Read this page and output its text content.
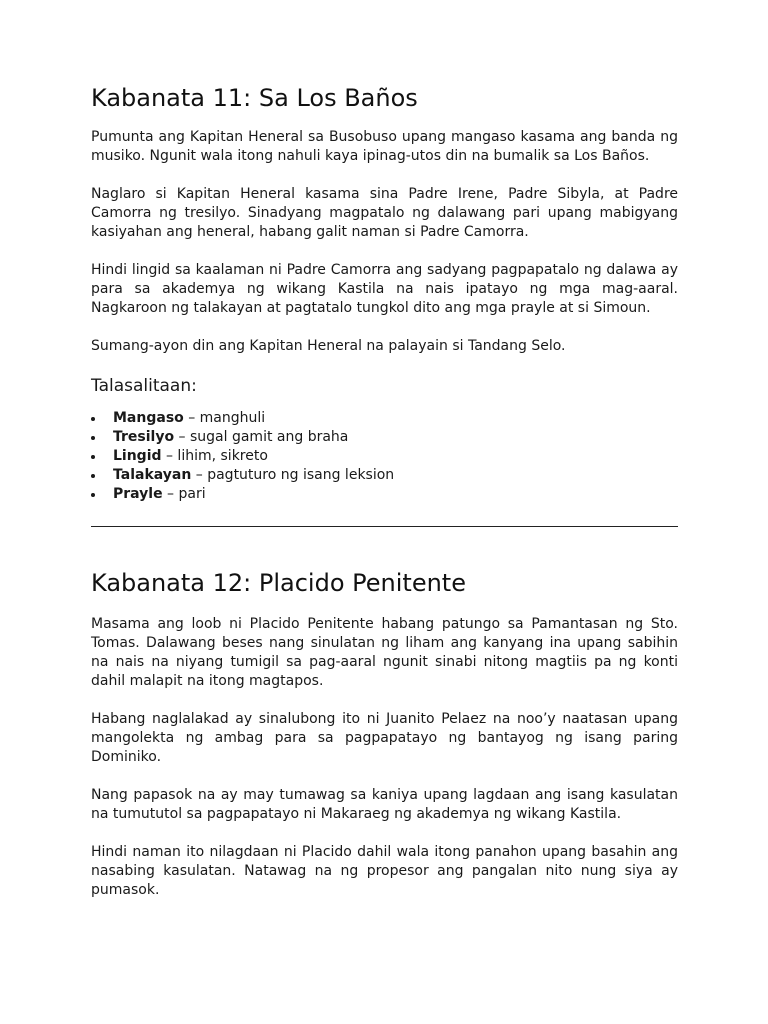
Kabanata 11: Sa Los Baños

Pumunta ang Kapitan Heneral sa Busobuso upang mangaso kasama ang banda ng musiko. Ngunit wala itong nahuli kaya ipinag-utos din na bumalik sa Los Baños.

Naglaro si Kapitan Heneral kasama sina Padre Irene, Padre Sibyla, at Padre Camorra ng tresilyo. Sinadyang magpatalo ng dalawang pari upang mabigyang kasiyahan ang heneral, habang galit naman si Padre Camorra.

Hindi lingid sa kaalaman ni Padre Camorra ang sadyang pagpapatalo ng dalawa ay para sa akademya ng wikang Kastila na nais ipatayo ng mga mag-aaral. Nagkaroon ng talakayan at pagtatalo tungkol dito ang mga prayle at si Simoun.

Sumang-ayon din ang Kapitan Heneral na palayain si Tandang Selo.

Talasalitaan:
Mangaso – manghuli
Tresilyo – sugal gamit ang braha
Lingid – lihim, sikreto
Talakayan – pagtuturo ng isang leksion
Prayle – pari
Kabanata 12: Placido Penitente

Masama ang loob ni Placido Penitente habang patungo sa Pamantasan ng Sto. Tomas. Dalawang beses nang sinulatan ng liham ang kanyang ina upang sabihin na nais na niyang tumigil sa pag-aaral ngunit sinabi nitong magtiis pa ng konti dahil malapit na itong magtapos.

Habang naglalakad ay sinalubong ito ni Juanito Pelaez na noo’y naatasan upang mangolekta ng ambag para sa pagpapatayo ng bantayog ng isang paring Dominiko.

Nang papasok na ay may tumawag sa kaniya upang lagdaan ang isang kasulatan na tumututol sa pagpapatayo ni Makaraeg ng akademya ng wikang Kastila.

Hindi naman ito nilagdaan ni Placido dahil wala itong panahon upang basahin ang nasabing kasulatan. Natawag na ng propesor ang pangalan nito nung siya ay pumasok.
